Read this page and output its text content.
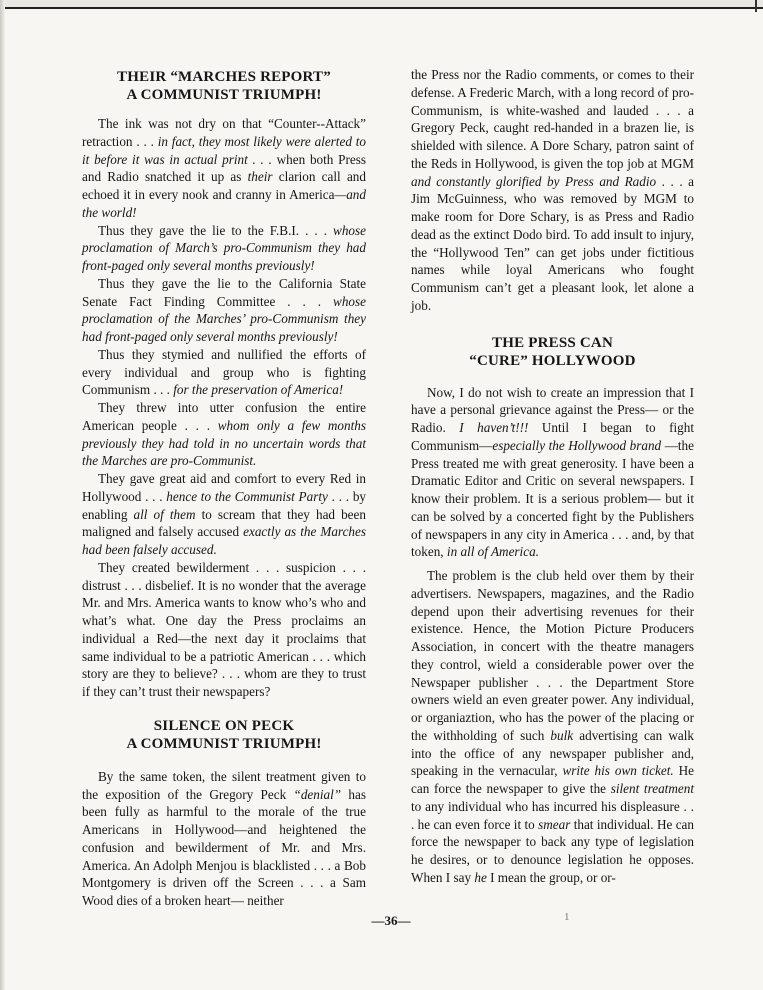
THEIR “MARCHES REPORT”
A COMMUNIST TRIUMPH!

The ink was not dry on that “Counter--Attack” retraction . . . in fact, they most likely were alerted to it before it was in actual print . . . when both Press and Radio snatched it up as their clarion call and echoed it in every nook and cranny in America—and the world!

Thus they gave the lie to the F.B.I. . . . whose proclamation of March’s pro-Communism they had front-paged only several months previously!

Thus they gave the lie to the California State Senate Fact Finding Committee . . . whose proclamation of the Marches’ pro-Communism they had front-paged only several months previously!

Thus they stymied and nullified the efforts of every individual and group who is fighting Communism . . . for the preservation of America!

They threw into utter confusion the entire American people . . . whom only a few months previously they had told in no uncertain words that the Marches are pro-Communist.

They gave great aid and comfort to every Red in Hollywood . . . hence to the Communist Party . . . by enabling all of them to scream that they had been maligned and falsely accused exactly as the Marches had been falsely accused.

They created bewilderment . . . suspicion . . . distrust . . . disbelief. It is no wonder that the average Mr. and Mrs. America wants to know who’s who and what’s what. One day the Press proclaims an individual a Red—the next day it proclaims that same individual to be a patriotic American . . . which story are they to believe? . . . whom are they to trust if they can’t trust their newspapers?

SILENCE ON PECK
A COMMUNIST TRIUMPH!

By the same token, the silent treatment given to the exposition of the Gregory Peck “denial” has been fully as harmful to the morale of the true Americans in Hollywood—and heightened the confusion and bewilderment of Mr. and Mrs. America. An Adolph Menjou is blacklisted . . . a Bob Montgomery is driven off the Screen . . . a Sam Wood dies of a broken heart— neither

the Press nor the Radio comments, or comes to their defense. A Frederic March, with a long record of pro-Communism, is white-washed and lauded . . . a Gregory Peck, caught red-handed in a brazen lie, is shielded with silence. A Dore Schary, patron saint of the Reds in Hollywood, is given the top job at MGM and constantly glorified by Press and Radio . . . a Jim McGuinness, who was removed by MGM to make room for Dore Schary, is as Press and Radio dead as the extinct Dodo bird. To add insult to injury, the “Hollywood Ten” can get jobs under fictitious names while loyal Americans who fought Communism can’t get a pleasant look, let alone a job.

THE PRESS CAN
“CURE” HOLLYWOOD

Now, I do not wish to create an impression that I have a personal grievance against the Press— or the Radio. I haven’t!!! Until I began to fight Communism—especially the Hollywood brand —the Press treated me with great generosity. I have been a Dramatic Editor and Critic on several newspapers. I know their problem. It is a serious problem— but it can be solved by a concerted fight by the Publishers of newspapers in any city in America . . . and, by that token, in all of America.

The problem is the club held over them by their advertisers. Newspapers, magazines, and the Radio depend upon their advertising revenues for their existence. Hence, the Motion Picture Producers Association, in concert with the theatre managers they control, wield a considerable power over the Newspaper publisher . . . the Department Store owners wield an even greater power. Any individual, or organiaztion, who has the power of the placing or the withholding of such bulk advertising can walk into the office of any newspaper publisher and, speaking in the vernacular, write his own ticket. He can force the newspaper to give the silent treatment to any individual who has incurred his displeasure . . . he can even force it to smear that individual. He can force the newspaper to back any type of legislation he desires, or to denounce legislation he opposes. When I say he I mean the group, or or-

—36—	1
